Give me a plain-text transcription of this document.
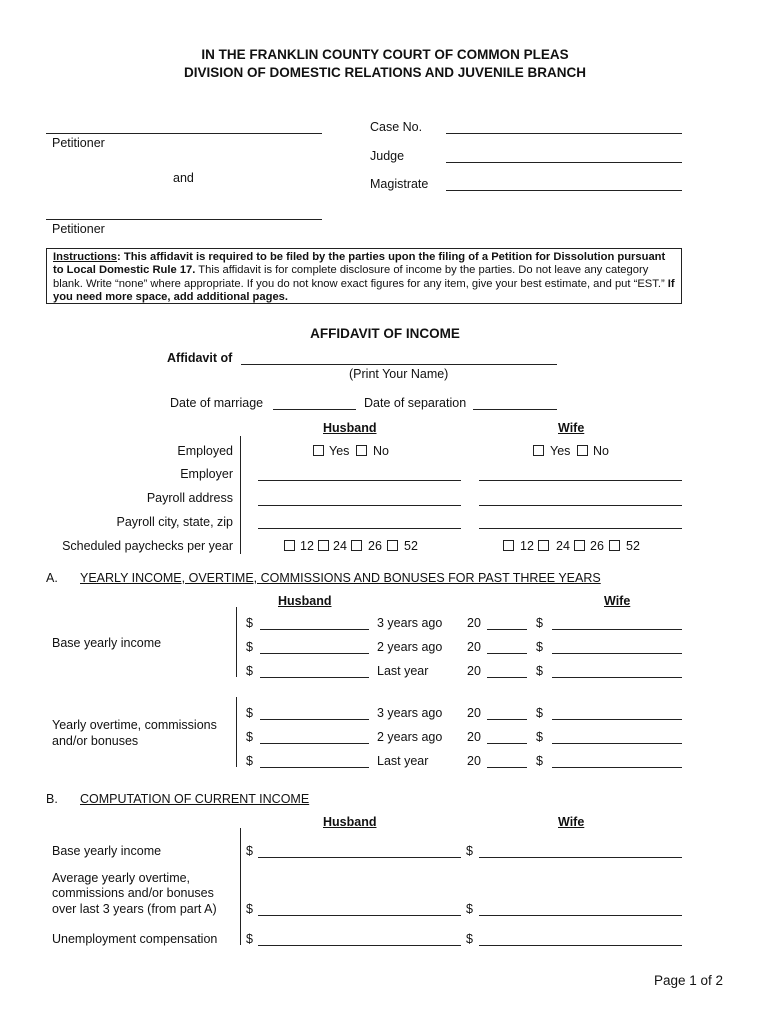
IN THE FRANKLIN COUNTY COURT OF COMMON PLEAS
DIVISION OF DOMESTIC RELATIONS AND JUVENILE BRANCH
Petitioner
and
Petitioner
Case No.
Judge
Magistrate

Instructions: This affidavit is required to be filed by the parties upon the filing of a Petition for Dissolution pursuant to Local Domestic Rule 17. This affidavit is for complete disclosure of income by the parties. Do not leave any category blank. Write “none” where appropriate. If you do not know exact figures for any item, give your best estimate, and put “EST.” If you need more space, add additional pages.

AFFIDAVIT OF INCOME
Affidavit of
(Print Your Name)
Date of marriage	Date of separation
Husband	Wife
Employed	Yes No	Yes No
Employer
Payroll address
Payroll city, state, zip
Scheduled paychecks per year	12 24 26 52	12 24 26 52
A. YEARLY INCOME, OVERTIME, COMMISSIONS AND BONUSES FOR PAST THREE YEARS
Husband	Wife
Base yearly income
$	3 years ago 20	$
$	2 years ago 20	$
$	Last year	20	$
Yearly overtime, commissions
and/or bonuses
$	3 years ago 20	$
$	2 years ago 20	$
$	Last year	20	$
B. COMPUTATION OF CURRENT INCOME
Husband	Wife
Base yearly income	$	$
Average yearly overtime,
commissions and/or bonuses
over last 3 years (from part A) $	$
Unemployment compensation $	$
Page 1 of 2
